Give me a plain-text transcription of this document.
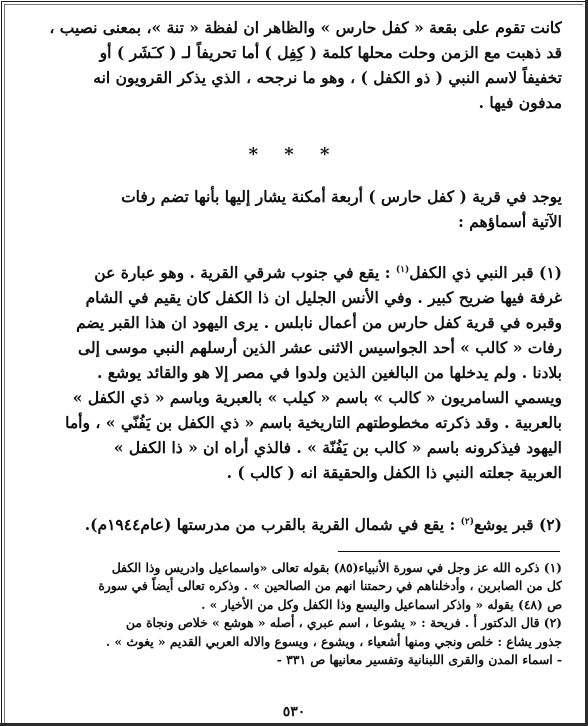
كانت تقوم على بقعة « كفل حارس » والظاهر ان لفظة « تنة »، بمعنى نصيب ،
قد ذهبت مع الزمن وحلت محلها كلمة ( كِفِل ) أما تحريفاً لـ ( كـَشَر ) أو
تخفيفاً لاسم النبي ( ذو الكفل ) ، وهو ما نرجحه ، الذي يذكر القرويون انه
مدفون فيها .
* * *
يوجد في قرية ( كفل حارس ) أربعة أمكنة يشار إليها بأنها تضم رفات
الآتية أسماؤهم :
(١) قبر النبي ذي الكفل$^{(١)}$ : يقع في جنوب شرقي القرية . وهو عبارة عن
غرفة فيها ضريح كبير . وفي الأنس الجليل ان ذا الكفل كان يقيم في الشام
وقبره في قرية كفل حارس من أعمال نابلس . يرى اليهود ان هذا القبر يضم
رفات « كالب » أحد الجواسيس الاثنى عشر الذين أرسلهم النبي موسى إلى
بلادنا . ولم يدخلها من البالغين الذين ولدوا في مصر إلا هو والقائد يوشع .
ويسمي السامريون « كالب » باسم « كيلب » بالعبرية وباسم « ذي الكفل »
بالعربية . وقد ذكرته مخطوطتهم التاريخية باسم « ذي الكفل بن يَفُنّي » ، وأما
اليهود فيذكرونه باسم « كالب بن يَفُنّة » . فالذي أراه ان « ذا الكفل »
العربية جعلته النبي ذا الكفل والحقيقة انه ( كالب ) .
(٢) قبر يوشع$^{(٢)}$ : يقع في شمال القرية بالقرب من مدرستها (عام١٩٤٤م).
(١) ذكره الله عز وجل في سورة الأنبياء(٨٥) بقوله تعالى «واسماعيل وادريس وذا الكفل
كل من الصابرين ، وأدخلناهم في رحمتنا انهم من الصالحين » . وذكره تعالى أيضاً في سورة
ص (٤٨) بقوله « واذكر اسماعيل واليسع وذا الكفل وكل من الأخيار » .
(٢) قال الدكتور أ . فريحة : « يشوعا ، اسم عبري ، أصله « هوشع » خلاص ونجاة من
جذور يشاع : خلص ونجي ومنها أشعياء ، ويشوع ، ويسوع والاله العربي القديم « يغوث » .
- اسماء المدن والقرى اللبنانية وتفسير معانيها ص ٣٣١ -
٥٣٠
